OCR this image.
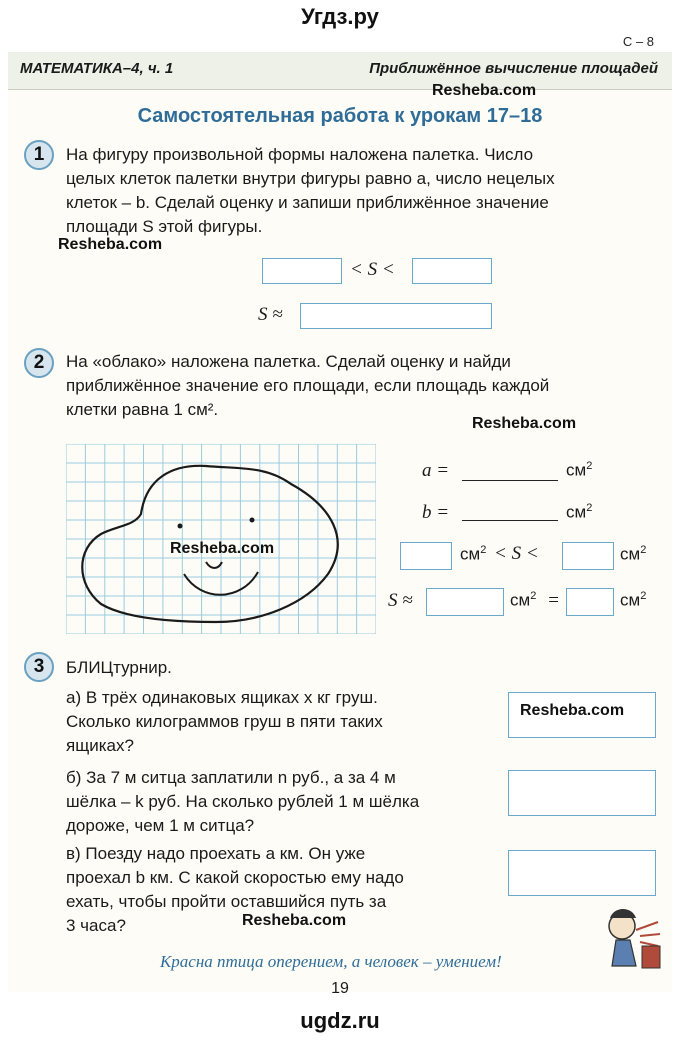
Угдз.ру
С – 8
МАТЕМАТИКА–4, ч. 1	Приближённое вычисление площадей
Resheba.com
Самостоятельная работа к урокам 17–18
1	На фигуру произвольной формы наложена палетка. Число
целых клеток палетки внутри фигуры равно a, число нецелых
клеток – b. Сделай оценку и запиши приближённое значение
площади S этой фигуры.
Resheba.com
< S <
S ≈
2	На «облако» наложена палетка. Сделай оценку и найди
приближённое значение его площади, если площадь каждой
клетки равна 1 см².
Resheba.com
Resheba.com
a =	$см^2$
b =	$см^2$
$см^2 < S$ <	$см^2$
S ≈	$см^2$ =	$см^2$
3	БЛИЦтурнир.
а) В трёх одинаковых ящиках x кг груш.
Сколько килограммов груш в пяти таких
ящиках?
Resheba.com
б) За 7 м ситца заплатили n руб., а за 4 м
шёлка – k руб. На сколько рублей 1 м шёлка
дороже, чем 1 м ситца?
в) Поезду надо проехать a км. Он уже
проехал b км. С какой скоростью ему надо
ехать, чтобы пройти оставшийся путь за
3 часа?	Resheba.com
Красна птица оперением, а человек – умением!
19
ugdz.ru
